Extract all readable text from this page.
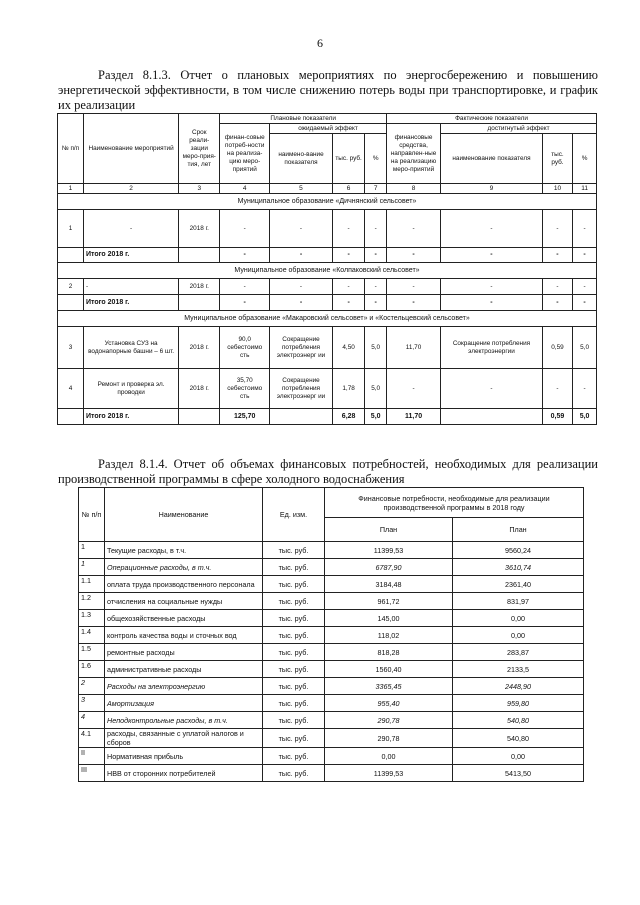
6
Раздел 8.1.3. Отчет о плановых мероприятиях по энергосбережению и повышению энергетической эффективности, в том числе снижению потерь воды при транспортировке, и график их реализации
№ п/п	Наименование мероприятий	Срок реали-зации меро-прия-тия, лет	Плановые показатели				Фактические показатели			
			финан-совые потреб-ности на реализа-цию меро-приятий	ожидаемый эффект			финансовые средства, направлен-ные на реализацию меро-приятий	достигнутый эффект		
				наимено-вание показателя	тыс. руб.	%		наименование показателя	тыс. руб.	%
1	2	3	4	5	6	7	8	9	10	11
Муниципальное образование «Дичнянский сельсовет»										
1	-	2018 г.	-	-	-	-	-	-	-	-
	Итого 2018 г.		-	-	-	-	-	-	-	-
Муниципальное образование «Колпаковский сельсовет»										
2	-	2018 г.	-	-	-	-	-	-	-	-
	Итого 2018 г.		-	-	-	-	-	-	-	-
Муниципальное образование «Макаровский сельсовет» и «Костельцевский сельсовет»										
3	Установка СУЗ на водонапорные башни – 6 шт.	2018 г.	90,0 себестоимо сть	Сокращение потребления электроэнерг ии	4,50	5,0	11,70	Сокращение потребления электроэнергии	0,59	5,0
4	Ремонт и проверка эл. проводки	2018 г.	35,70 себестоимо сть	Сокращение потребления электроэнерг ии	1,78	5,0	-	-	-	-
	Итого 2018 г.		125,70		6,28	5,0	11,70		0,59	5,0
Раздел 8.1.4. Отчет об объемах финансовых потребностей, необходимых для реализации производственной программы в сфере холодного водоснабжения
№ п/п	Наименование	Ед. изм.	Финансовые потребности, необходимые для реализации производственной программы в 2018 году	
			План	План
1	Текущие расходы, в т.ч.	тыс. руб.	11399,53	9560,24
1	Операционные расходы, в т.ч.	тыс. руб.	6787,90	3610,74
1.1	оплата труда производственного персонала	тыс. руб.	3184,48	2361,40
1.2	отчисления на социальные нужды	тыс. руб.	961,72	831,97
1.3	общехозяйственные расходы	тыс. руб.	145,00	0,00
1.4	контроль качества воды и сточных вод	тыс. руб.	118,02	0,00
1.5	ремонтные расходы	тыс. руб.	818,28	283,87
1.6	административные расходы	тыс. руб.	1560,40	2133,5
2	Расходы на электроэнергию	тыс. руб.	3365,45	2448,90
3	Амортизация	тыс. руб.	955,40	959,80
4	Неподконтрольные расходы, в т.ч.	тыс. руб.	290,78	540,80
4.1	расходы, связанные с уплатой налогов и сборов	тыс. руб.	290,78	540,80
II	Нормативная прибыль	тыс. руб.	0,00	0,00
III	НВВ от сторонних потребителей	тыс. руб.	11399,53	5413,50
